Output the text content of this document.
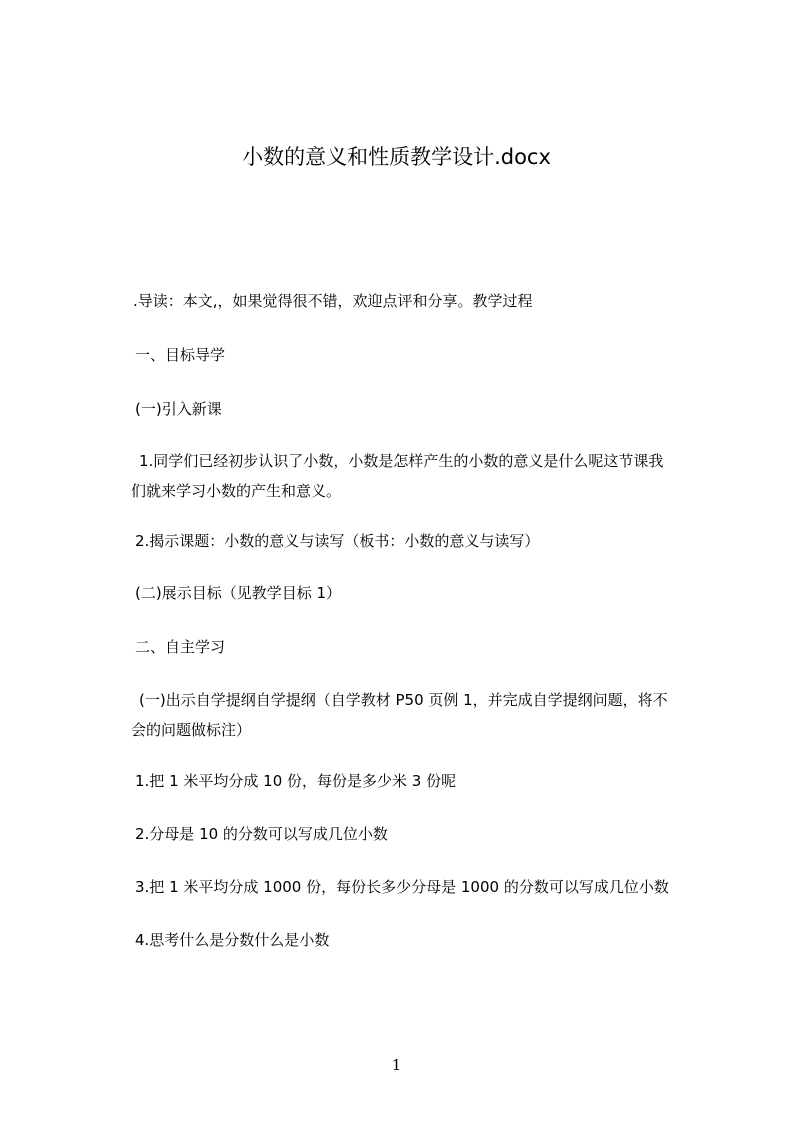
小数的意义和性质教学设计.docx
.导读：本文,，如果觉得很不错，欢迎点评和分享。教学过程
一、目标导学
(一)引入新课
1.同学们已经初步认识了小数，小数是怎样产生的小数的意义是什么呢这节课我
们就来学习小数的产生和意义。
2.揭示课题：小数的意义与读写（板书：小数的意义与读写）
(二)展示目标（见教学目标 1）
二、自主学习
(一)出示自学提纲自学提纲（自学教材 P50 页例 1，并完成自学提纲问题，将不
会的问题做标注）
1.把 1 米平均分成 10 份，每份是多少米 3 份呢
2.分母是 10 的分数可以写成几位小数
3.把 1 米平均分成 1000 份，每份长多少分母是 1000 的分数可以写成几位小数
4.思考什么是分数什么是小数
1
